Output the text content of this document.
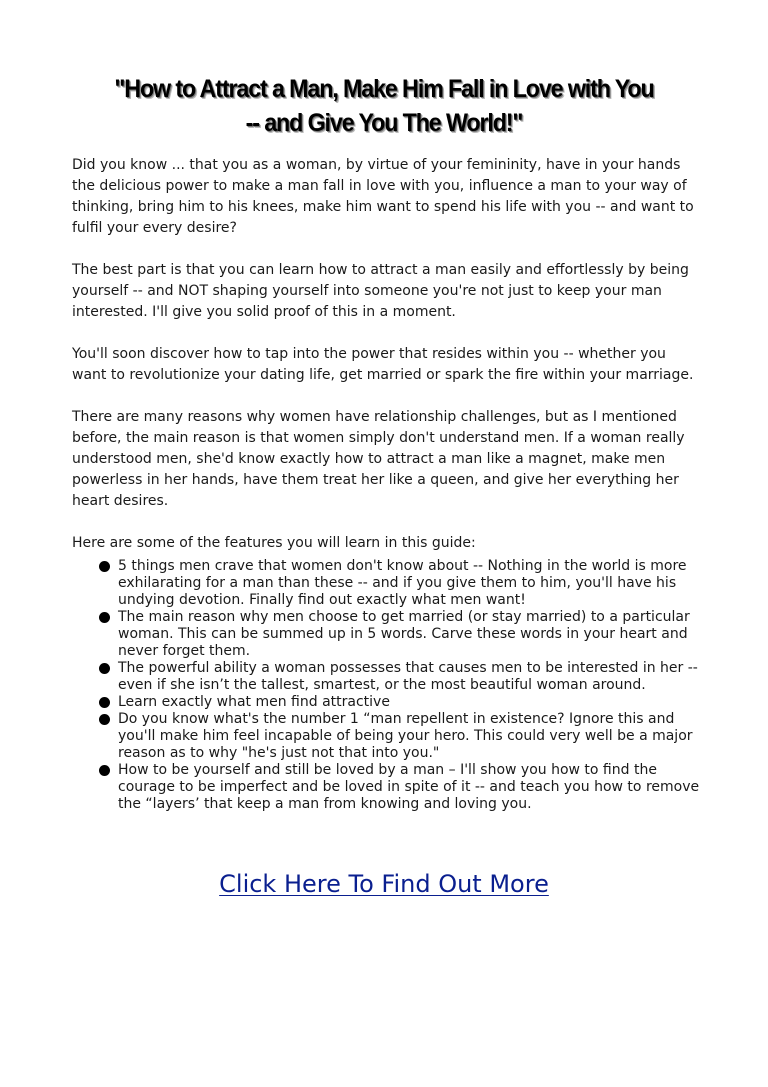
"How to Attract a Man, Make Him Fall in Love with You
-- and Give You The World!"

Did you know ... that you as a woman, by virtue of your femininity, have in your hands the delicious power to make a man fall in love with you, influence a man to your way of thinking, bring him to his knees, make him want to spend his life with you -- and want to fulfil your every desire?

The best part is that you can learn how to attract a man easily and effortlessly by being yourself -- and NOT shaping yourself into someone you're not just to keep your man interested. I'll give you solid proof of this in a moment.

You'll soon discover how to tap into the power that resides within you -- whether you want to revolutionize your dating life, get married or spark the fire within your marriage.

There are many reasons why women have relationship challenges, but as I mentioned before, the main reason is that women simply don't understand men. If a woman really understood men, she'd know exactly how to attract a man like a magnet, make men powerless in her hands, have them treat her like a queen, and give her everything her heart desires.

Here are some of the features you will learn in this guide:

5 things men crave that women don't know about -- Nothing in the world is more exhilarating for a man than these -- and if you give them to him, you'll have his undying devotion. Finally find out exactly what men want!
The main reason why men choose to get married (or stay married) to a particular woman. This can be summed up in 5 words. Carve these words in your heart and never forget them.
The powerful ability a woman possesses that causes men to be interested in her -- even if she isn’t the tallest, smartest, or the most beautiful woman around.
Learn exactly what men find attractive
Do you know what's the number 1 “man repellent in existence? Ignore this and you'll make him feel incapable of being your hero. This could very well be a major reason as to why "he's just not that into you."
How to be yourself and still be loved by a man – I'll show you how to find the courage to be imperfect and be loved in spite of it -- and teach you how to remove the “layers’ that keep a man from knowing and loving you.
Click Here To Find Out More
